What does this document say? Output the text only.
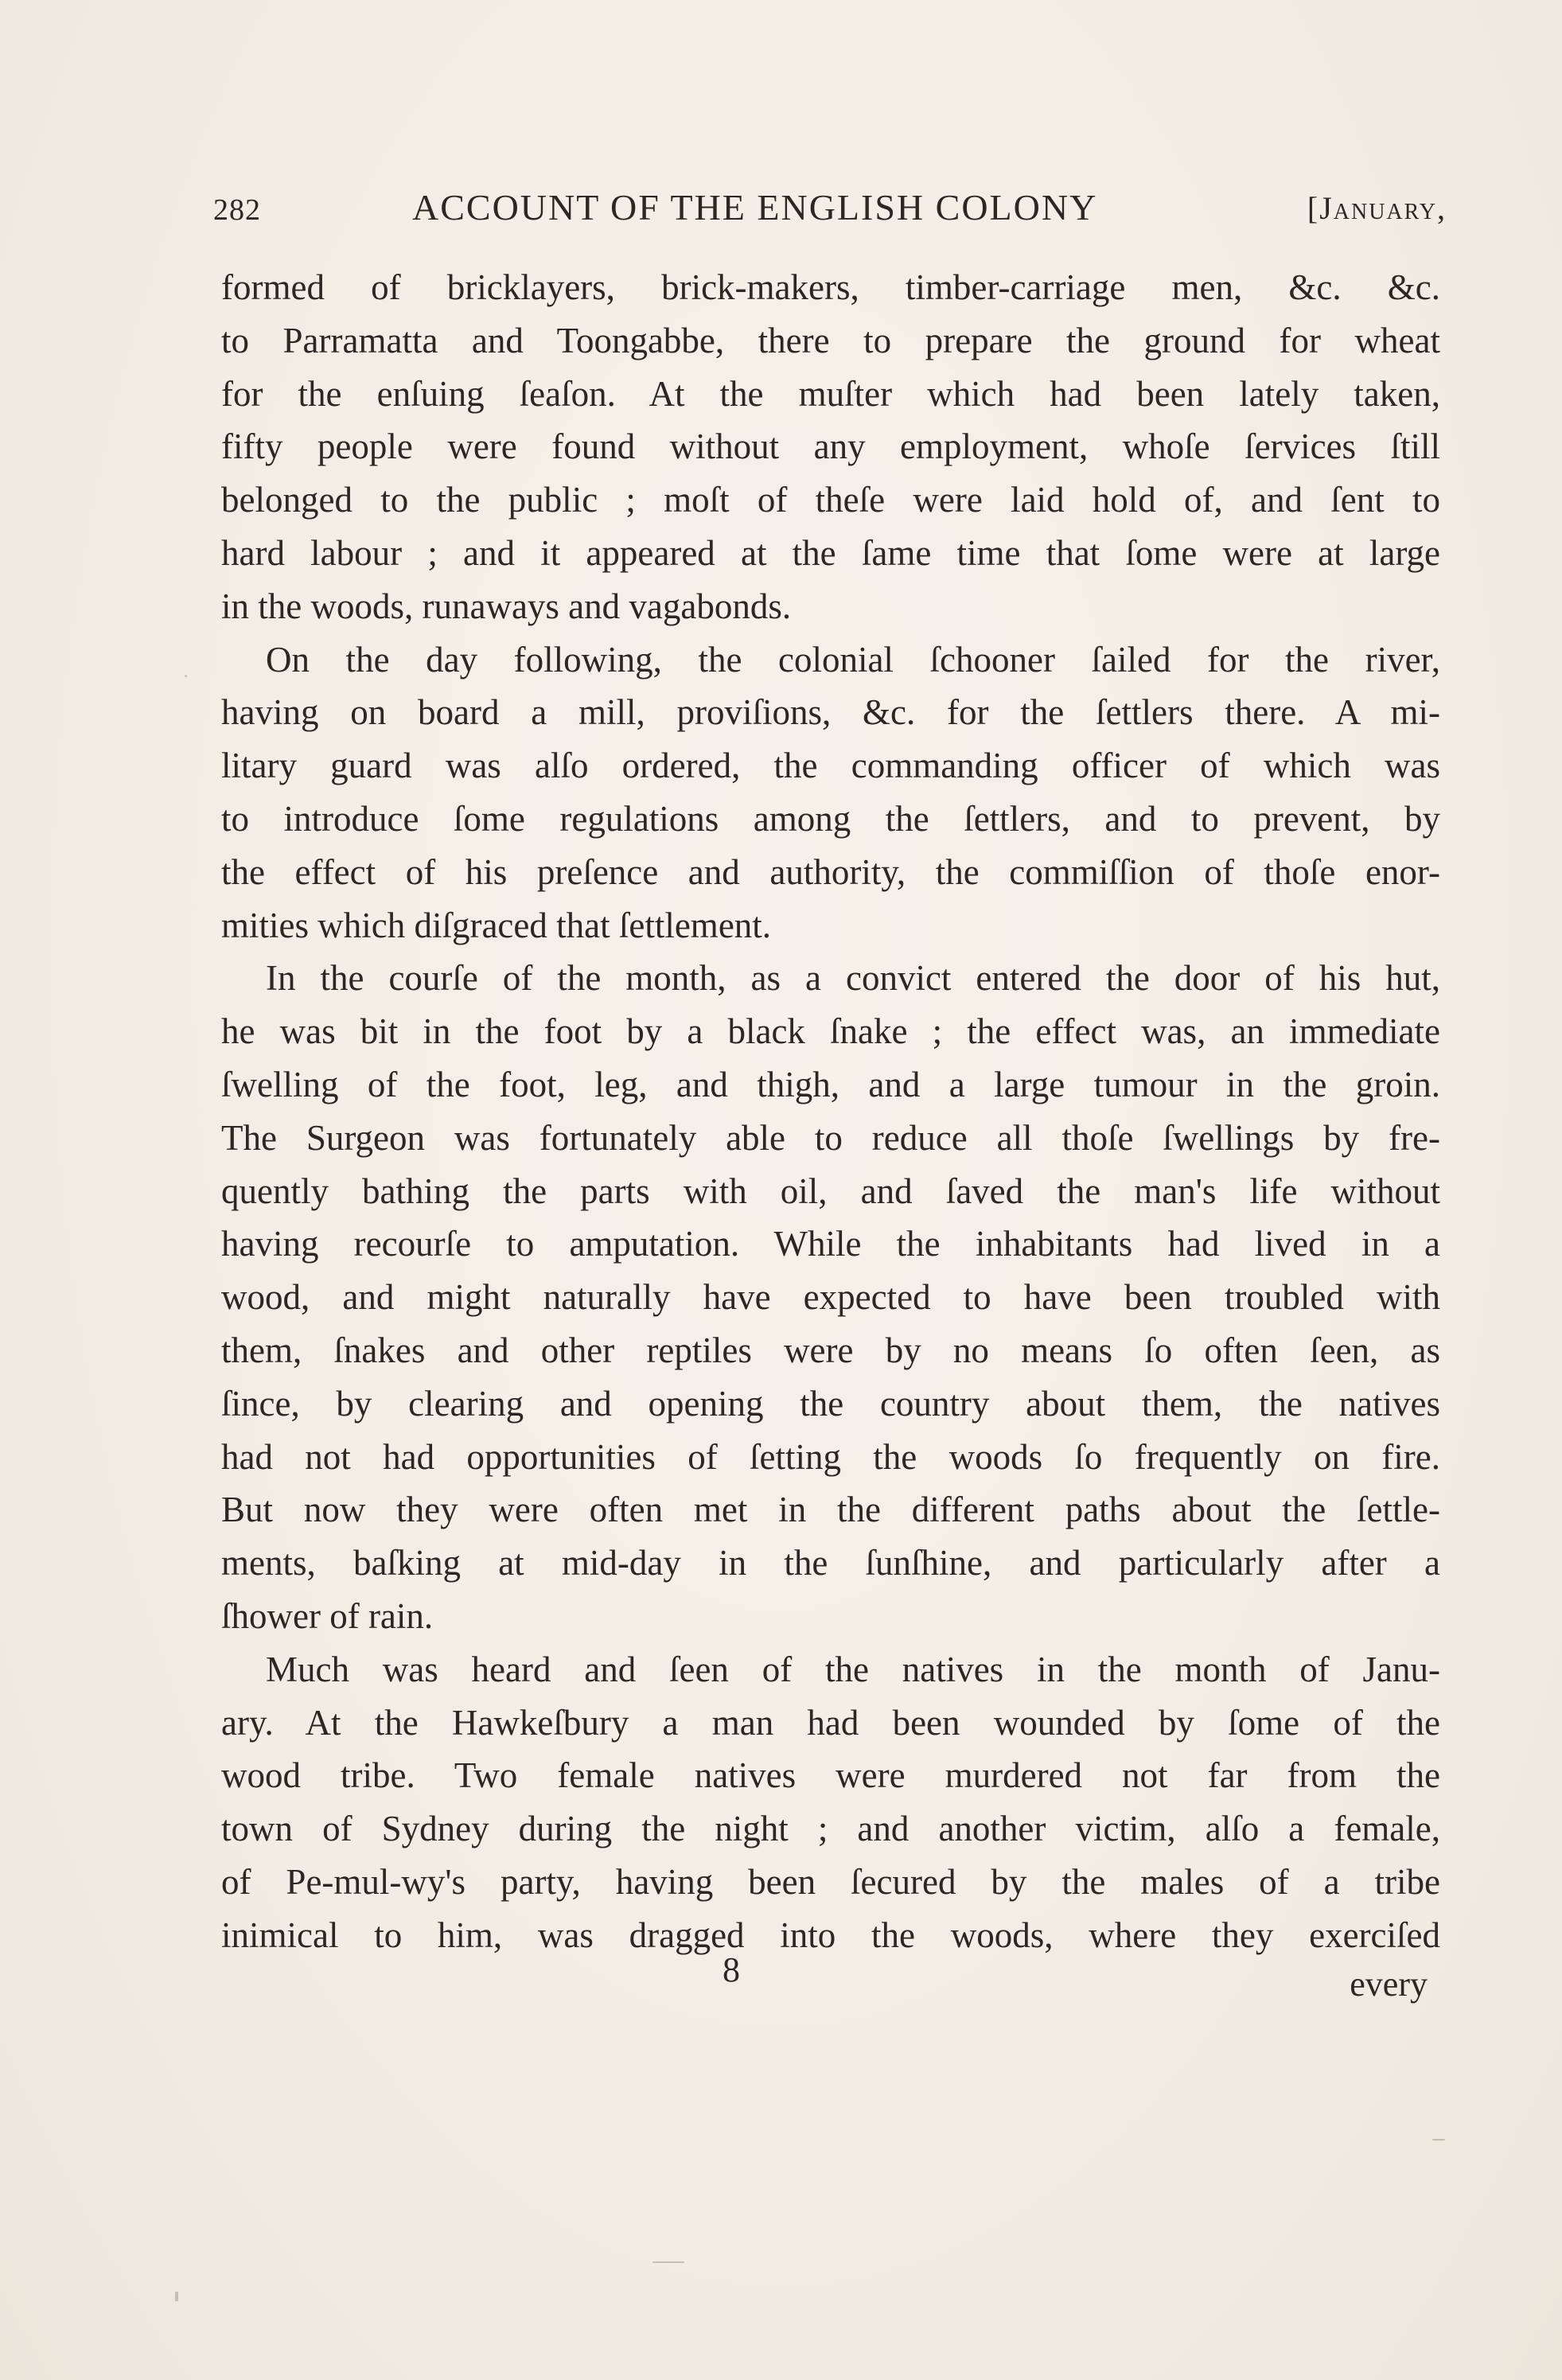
282	ACCOUNT OF THE ENGLISH COLONY	[January,
formed of bricklayers, brick-makers, timber-carriage men, &c. &c.
to Parramatta and Toongabbe, there to prepare the ground for wheat
for the enſuing ſeaſon. At the muſter which had been lately taken,
fifty people were found without any employment, whoſe ſervices ſtill
belonged to the public ; moſt of theſe were laid hold of, and ſent to
hard labour ; and it appeared at the ſame time that ſome were at large
in the woods, runaways and vagabonds.
On the day following, the colonial ſchooner ſailed for the river,
having on board a mill, proviſions, &c. for the ſettlers there. A mi-
litary guard was alſo ordered, the commanding officer of which was
to introduce ſome regulations among the ſettlers, and to prevent, by
the effect of his preſence and authority, the commiſſion of thoſe enor-
mities which diſgraced that ſettlement.
In the courſe of the month, as a convict entered the door of his hut,
he was bit in the foot by a black ſnake ; the effect was, an immediate
ſwelling of the foot, leg, and thigh, and a large tumour in the groin.
The Surgeon was fortunately able to reduce all thoſe ſwellings by fre-
quently bathing the parts with oil, and ſaved the man's life without
having recourſe to amputation. While the inhabitants had lived in a
wood, and might naturally have expected to have been troubled with
them, ſnakes and other reptiles were by no means ſo often ſeen, as
ſince, by clearing and opening the country about them, the natives
had not had opportunities of ſetting the woods ſo frequently on fire.
But now they were often met in the different paths about the ſettle-
ments, baſking at mid-day in the ſunſhine, and particularly after a
ſhower of rain.
Much was heard and ſeen of the natives in the month of Janu-
ary. At the Hawkeſbury a man had been wounded by ſome of the
wood tribe. Two female natives were murdered not far from the
town of Sydney during the night ; and another victim, alſo a female,
of Pe-mul-wy's party, having been ſecured by the males of a tribe
inimical to him, was dragged into the woods, where they exerciſed
8	every
